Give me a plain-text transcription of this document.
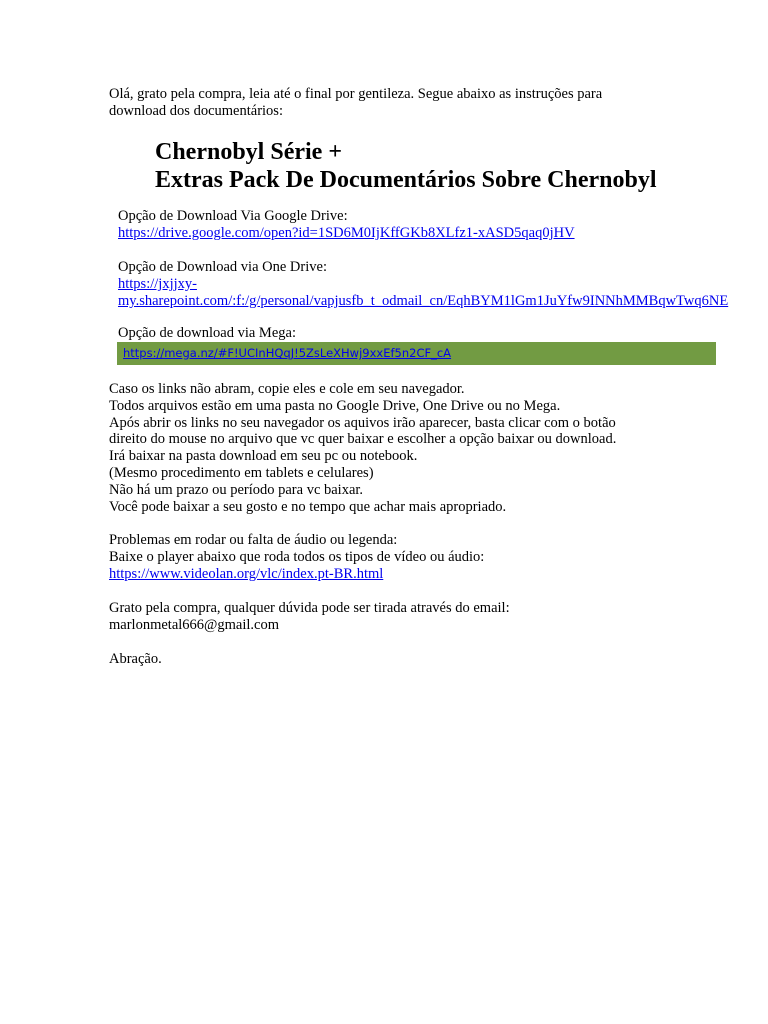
Olá, grato pela compra, leia até o final por gentileza. Segue abaixo as instruções para
download dos documentários:
Chernobyl Série +
Extras Pack De Documentários Sobre Chernobyl
Opção de Download Via Google Drive:
https://drive.google.com/open?id=1SD6M0IjKffGKb8XLfz1-xASD5qaq0jHV
Opção de Download via One Drive:
https://jxjjxy-
my.sharepoint.com/:f:/g/personal/vapjusfb_t_odmail_cn/EqhBYM1lGm1JuYfw9INNhMMBqwTwq6NE
Opção de download via Mega:
https://mega.nz/#F!UCInHQqJ!5ZsLeXHwj9xxEf5n2CF_cA
Caso os links não abram, copie eles e cole em seu navegador.
Todos arquivos estão em uma pasta no Google Drive, One Drive ou no Mega.
Após abrir os links no seu navegador os aquivos irão aparecer, basta clicar com o botão
direito do mouse no arquivo que vc quer baixar e escolher a opção baixar ou download.
Irá baixar na pasta download em seu pc ou notebook.
(Mesmo procedimento em tablets e celulares)
Não há um prazo ou período para vc baixar.
Você pode baixar a seu gosto e no tempo que achar mais apropriado.
Problemas em rodar ou falta de áudio ou legenda:
Baixe o player abaixo que roda todos os tipos de vídeo ou áudio:
https://www.videolan.org/vlc/index.pt-BR.html
Grato pela compra, qualquer dúvida pode ser tirada através do email:
marlonmetal666@gmail.com
Abração.
